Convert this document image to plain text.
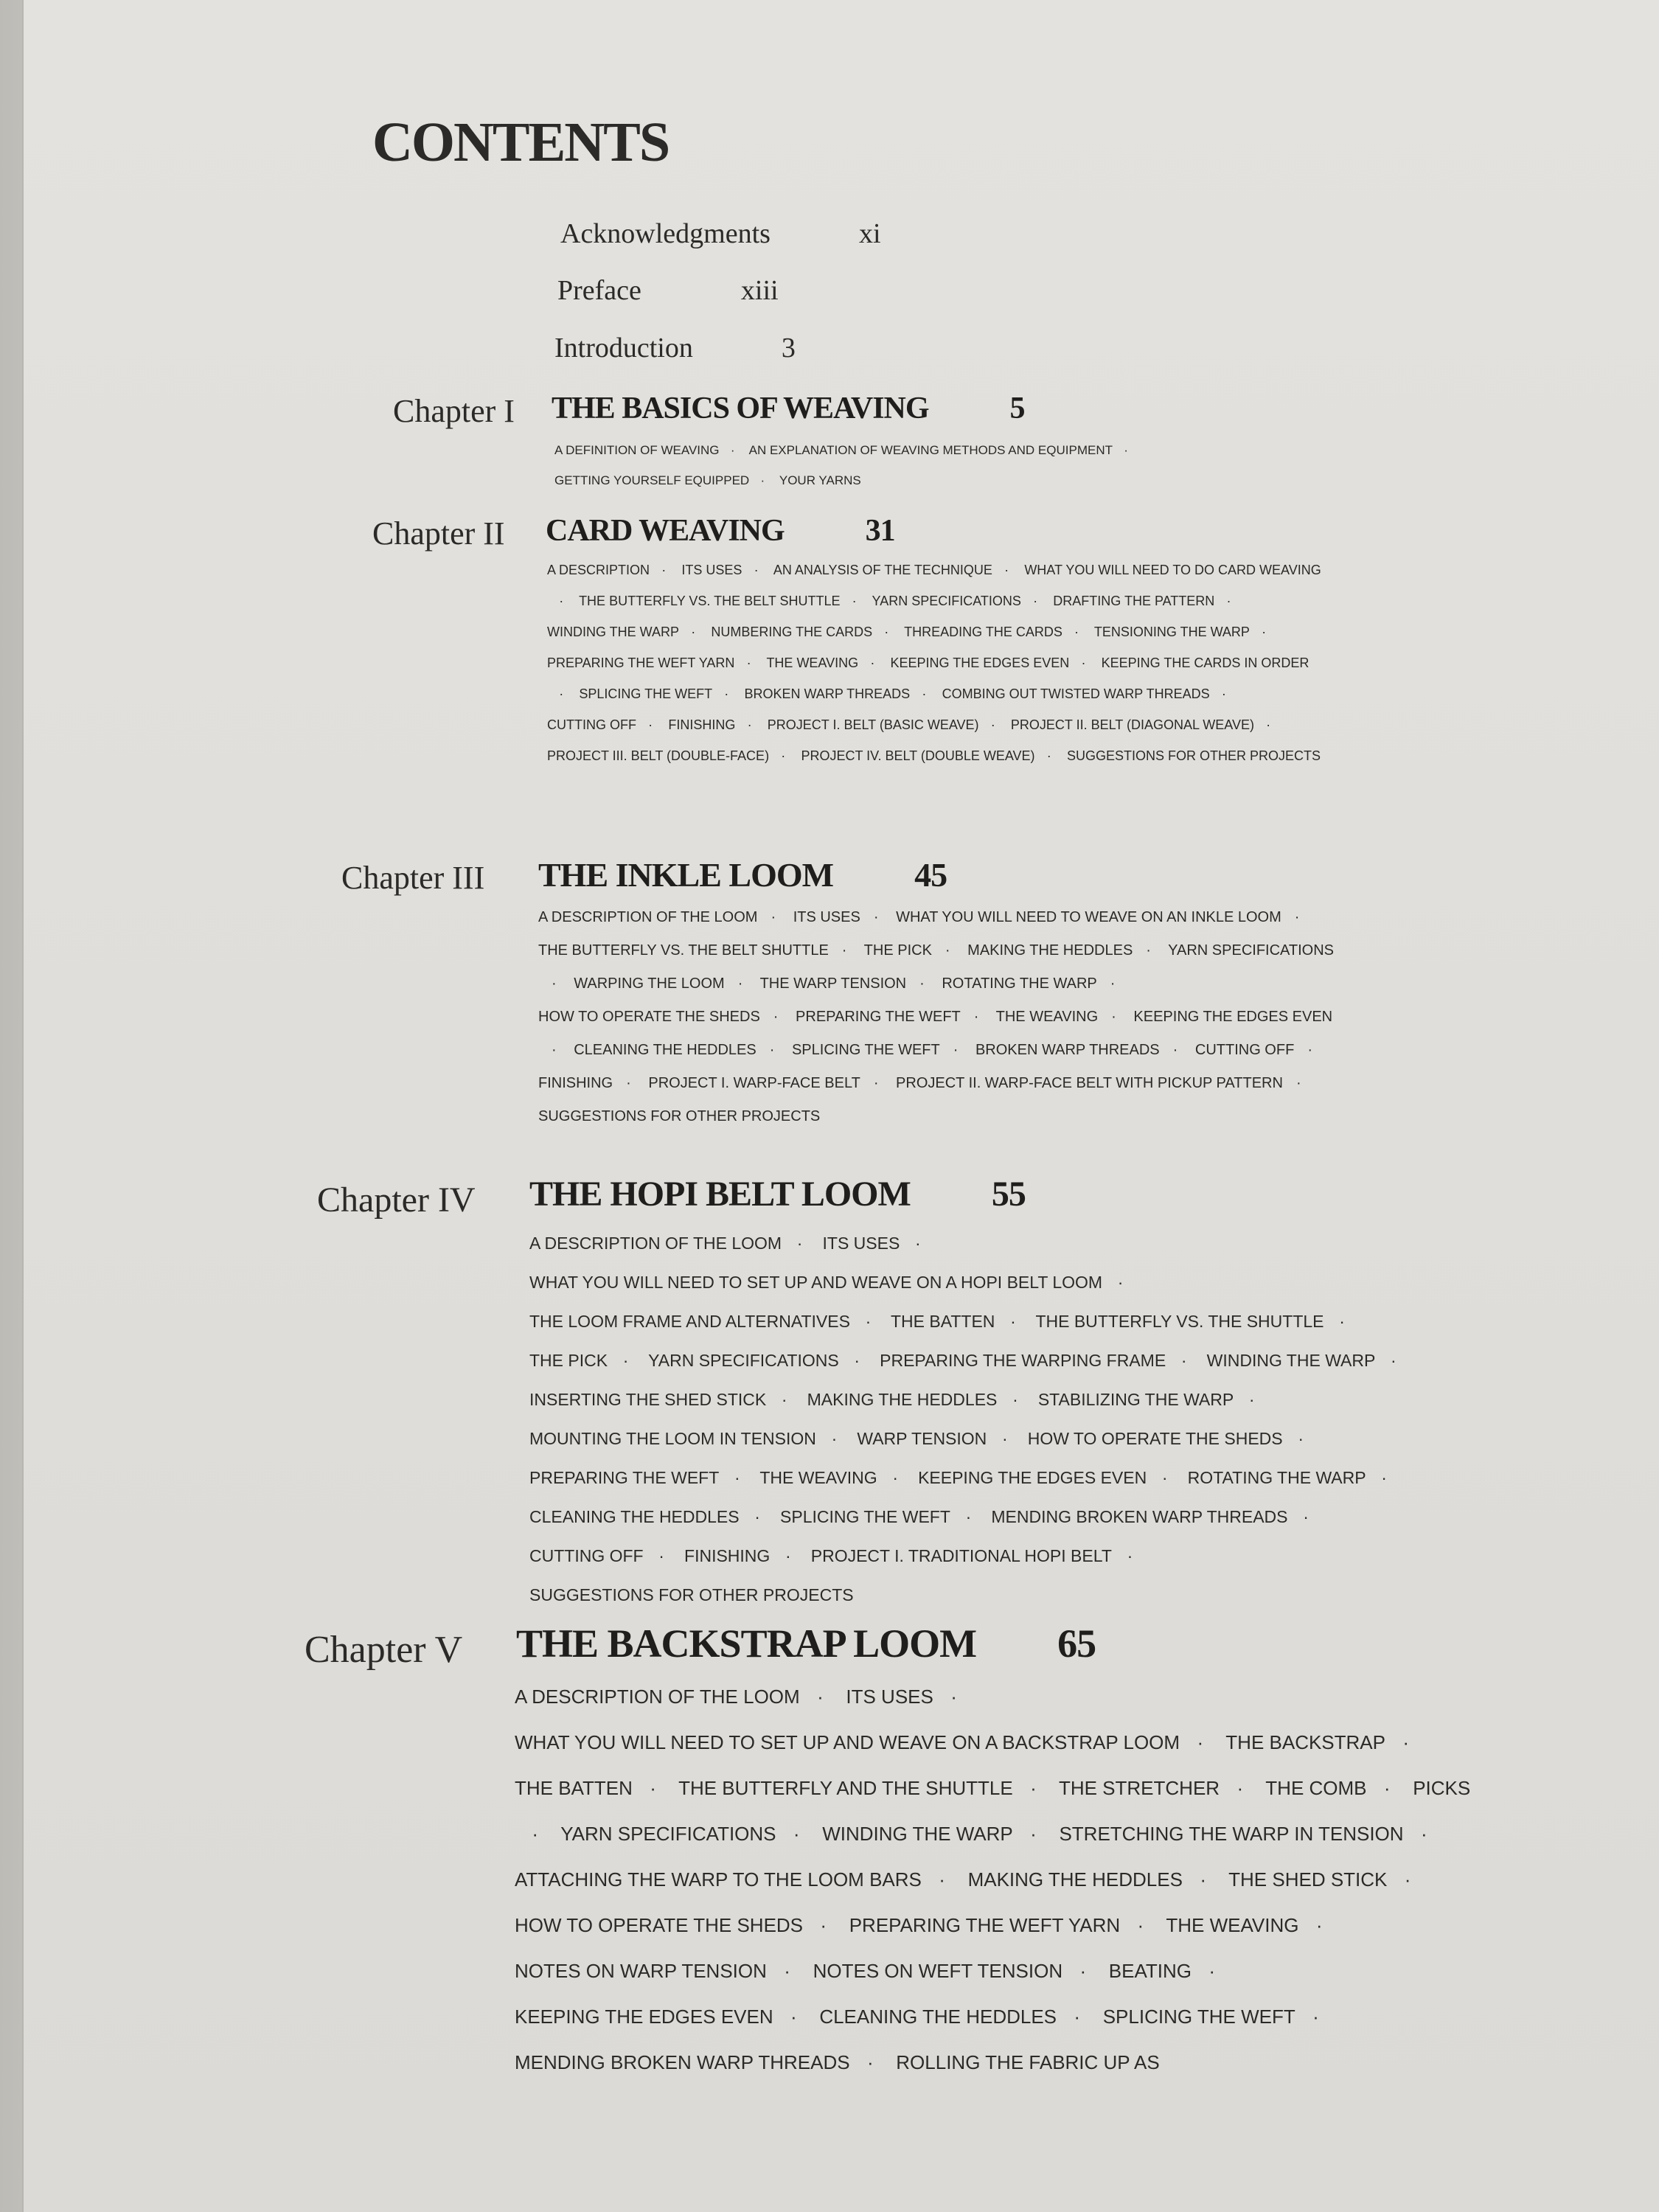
CONTENTS
Acknowledgments	xi
Preface	xiii
Introduction	3
Chapter I THE BASICS OF WEAVING	5
A DEFINITION OF WEAVING · AN EXPLANATION OF WEAVING METHODS AND EQUIPMENT · GETTING YOURSELF EQUIPPED · YOUR YARNS
Chapter II CARD WEAVING	31
A DESCRIPTION · ITS USES · AN ANALYSIS OF THE TECHNIQUE · WHAT YOU WILL NEED TO DO CARD WEAVING· THE BUTTERFLY VS. THE BELT SHUTTLE · YARN SPECIFICATIONS · DRAFTING THE PATTERN · WINDING THE WARP · NUMBERING THE CARDS · THREADING THE CARDS · TENSIONING THE WARP · PREPARING THE WEFT YARN · THE WEAVING · KEEPING THE EDGES EVEN · KEEPING THE CARDS IN ORDER· SPLICING THE WEFT · BROKEN WARP THREADS · COMBING OUT TWISTED WARP THREADS · CUTTING OFF · FINISHING · PROJECT I. BELT (BASIC WEAVE) · PROJECT II. BELT (DIAGONAL WEAVE) · PROJECT III. BELT (DOUBLE-FACE) · PROJECT IV. BELT (DOUBLE WEAVE) · SUGGESTIONS FOR OTHER PROJECTS
Chapter III THE INKLE LOOM 45
A DESCRIPTION OF THE LOOM · ITS USES · WHAT YOU WILL NEED TO WEAVE ON AN INKLE LOOM · THE BUTTERFLY VS. THE BELT SHUTTLE · THE PICK · MAKING THE HEDDLES · YARN SPECIFICATIONS· WARPING THE LOOM · THE WARP TENSION · ROTATING THE WARP · HOW TO OPERATE THE SHEDS · PREPARING THE WEFT · THE WEAVING · KEEPING THE EDGES EVEN· CLEANING THE HEDDLES · SPLICING THE WEFT · BROKEN WARP THREADS · CUTTING OFF · FINISHING · PROJECT I. WARP-FACE BELT · PROJECT II. WARP-FACE BELT WITH PICKUP PATTERN · SUGGESTIONS FOR OTHER PROJECTS
Chapter IV THE HOPI BELT LOOM 55
A DESCRIPTION OF THE LOOM · ITS USES · WHAT YOU WILL NEED TO SET UP AND WEAVE ON A HOPI BELT LOOM · THE LOOM FRAME AND ALTERNATIVES · THE BATTEN · THE BUTTERFLY VS. THE SHUTTLE · THE PICK · YARN SPECIFICATIONS · PREPARING THE WARPING FRAME · WINDING THE WARP · INSERTING THE SHED STICK · MAKING THE HEDDLES · STABILIZING THE WARP · MOUNTING THE LOOM IN TENSION · WARP TENSION · HOW TO OPERATE THE SHEDS · PREPARING THE WEFT · THE WEAVING · KEEPING THE EDGES EVEN · ROTATING THE WARP · CLEANING THE HEDDLES · SPLICING THE WEFT · MENDING BROKEN WARP THREADS · CUTTING OFF · FINISHING · PROJECT I. TRADITIONAL HOPI BELT · SUGGESTIONS FOR OTHER PROJECTS
Chapter V THE BACKSTRAP LOOM 65
A DESCRIPTION OF THE LOOM · ITS USES · WHAT YOU WILL NEED TO SET UP AND WEAVE ON A BACKSTRAP LOOM · THE BACKSTRAP · THE BATTEN · THE BUTTERFLY AND THE SHUTTLE · THE STRETCHER · THE COMB · PICKS· YARN SPECIFICATIONS · WINDING THE WARP · STRETCHING THE WARP IN TENSION · ATTACHING THE WARP TO THE LOOM BARS · MAKING THE HEDDLES · THE SHED STICK · HOW TO OPERATE THE SHEDS · PREPARING THE WEFT YARN · THE WEAVING · NOTES ON WARP TENSION · NOTES ON WEFT TENSION · BEATING · KEEPING THE EDGES EVEN · CLEANING THE HEDDLES · SPLICING THE WEFT · MENDING BROKEN WARP THREADS · ROLLING THE FABRIC UP AS
